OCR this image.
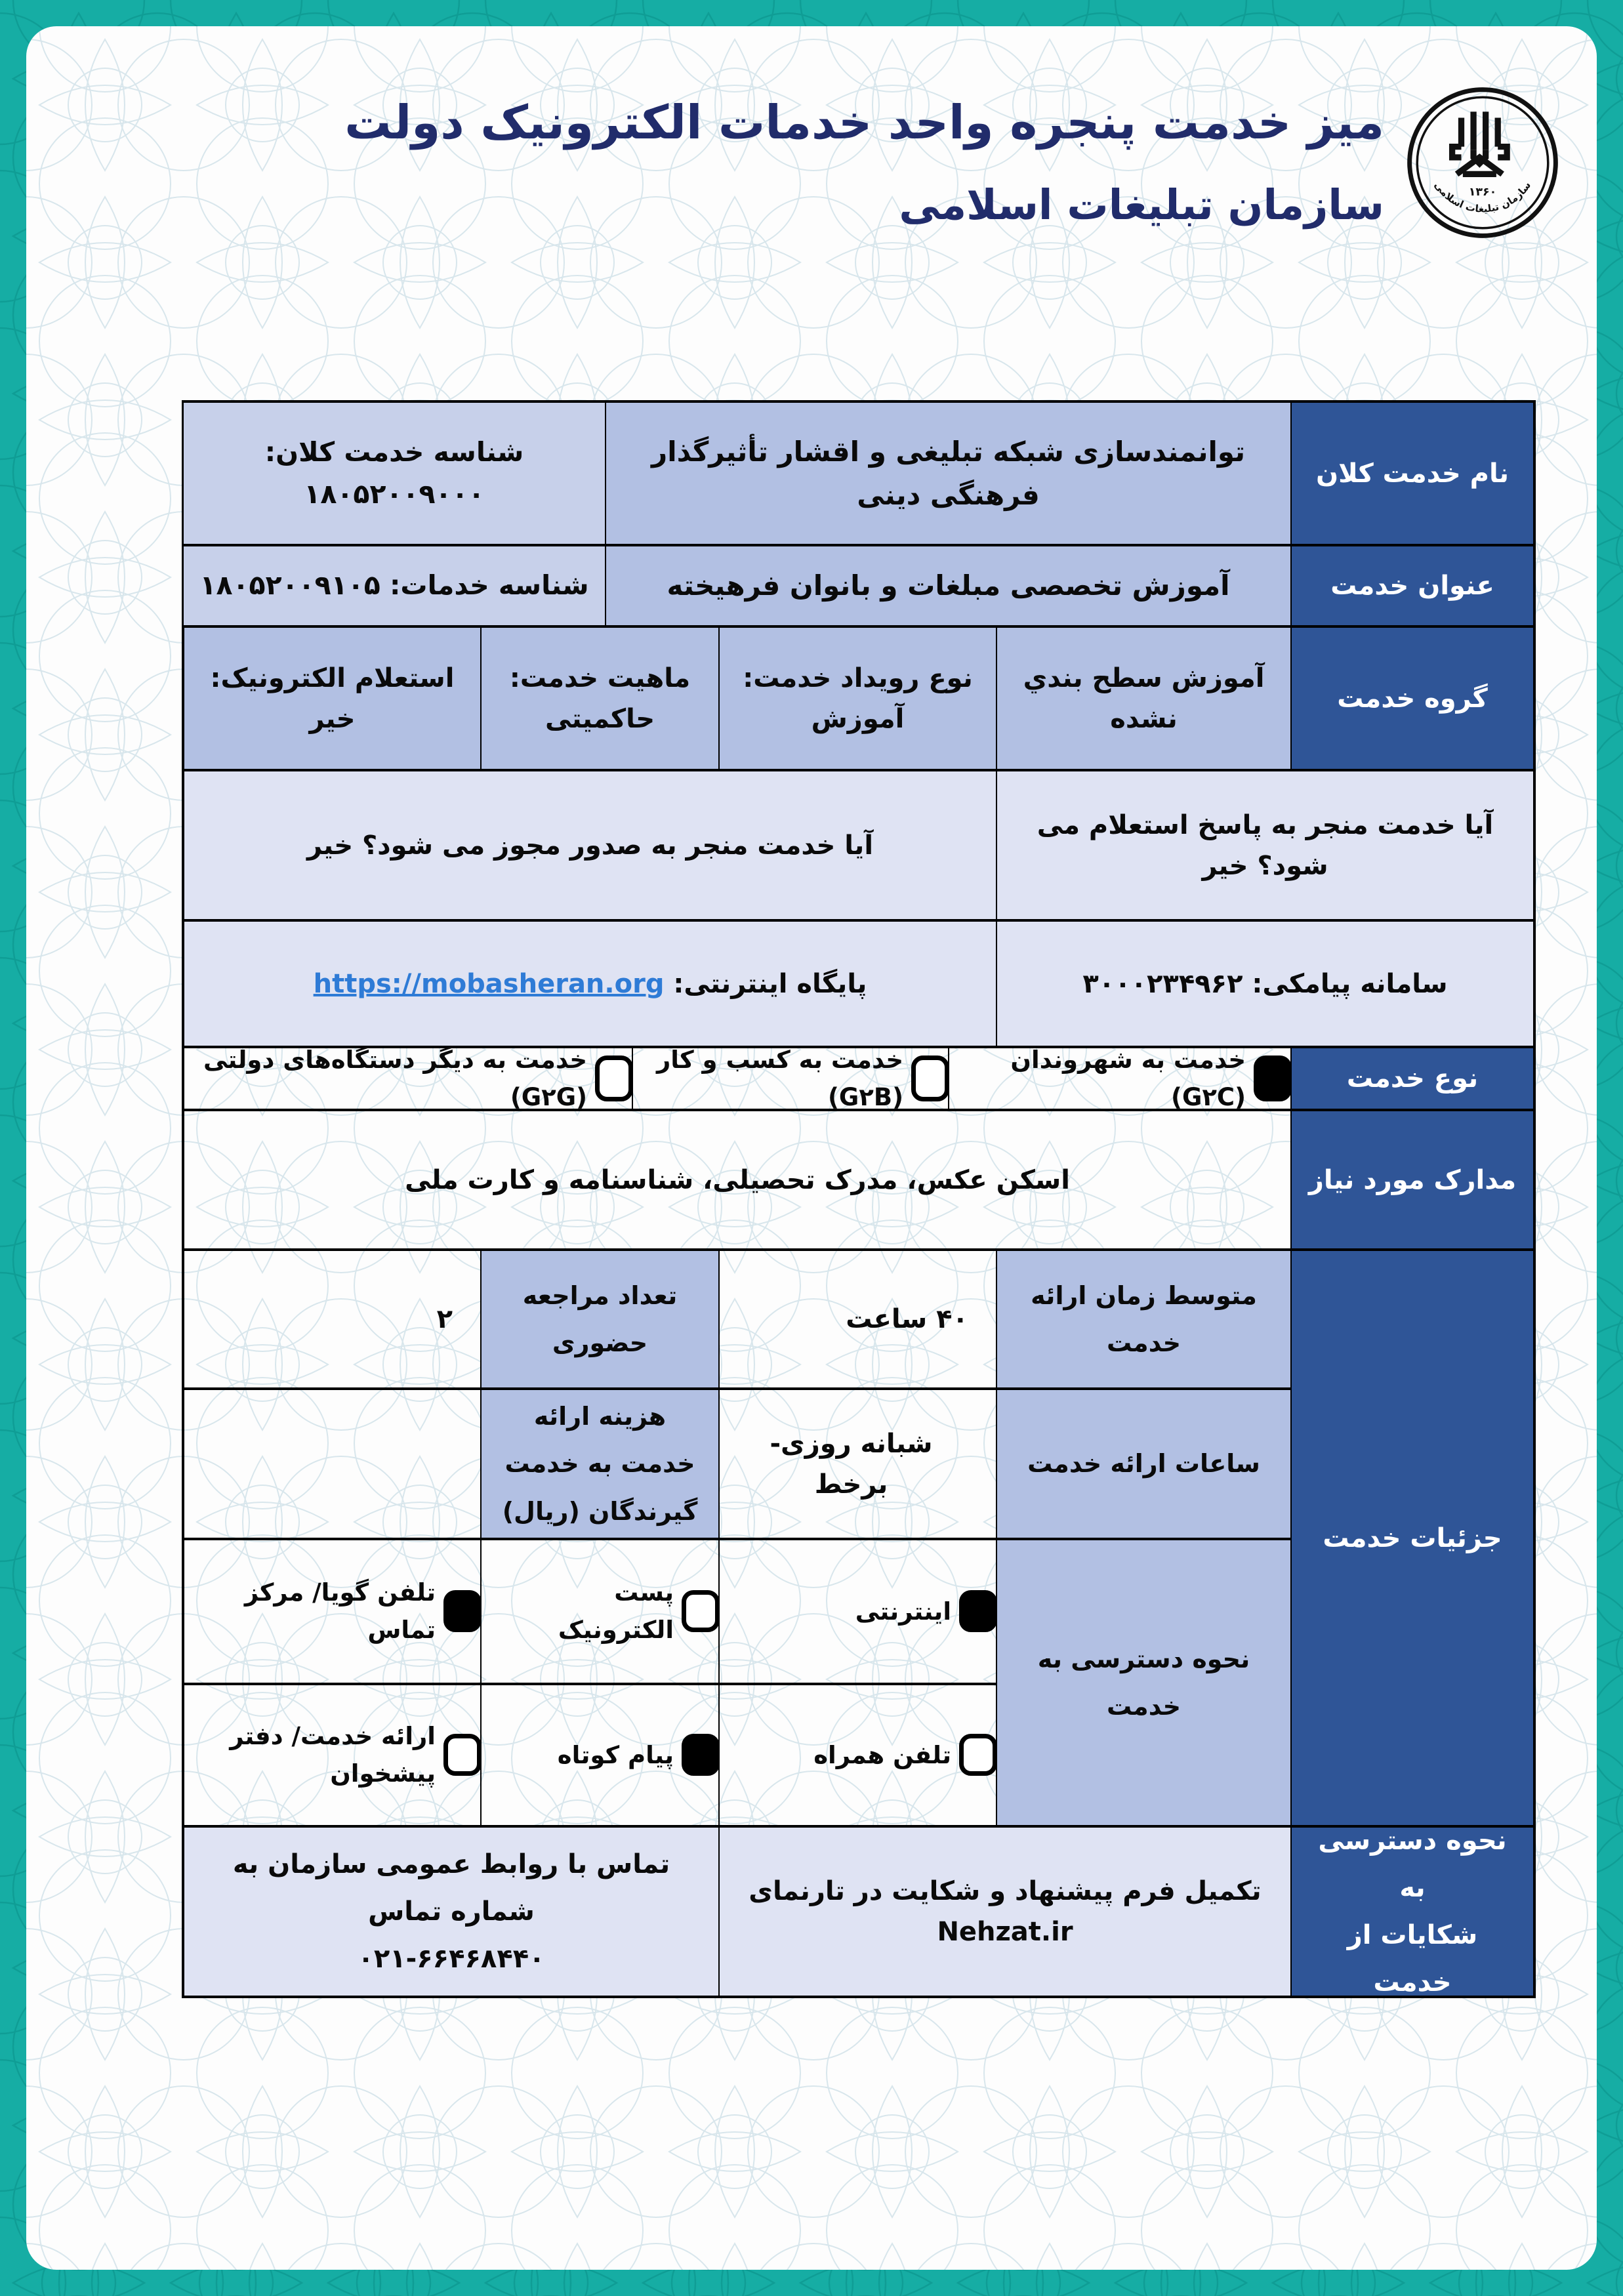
۱۳۶۰
سازمان تبلیغات اسلامی
میز خدمت پنجره واحد خدمات الکترونیک دولت
سازمان تبلیغات اسلامی
نام خدمت کلان
توانمندسازی شبکه تبلیغی و اقشار تأثیرگذار فرهنگی دینی
شناسه خدمت کلان: ۱۸۰۵۲۰۰۹۰۰۰
عنوان خدمت
آموزش تخصصی مبلغات و بانوان فرهیخته
شناسه خدمات: ۱۸۰۵۲۰۰۹۱۰۵
گروه خدمت
آموزش سطح بندي نشده
نوع رویداد خدمت: آموزش
ماهیت خدمت: حاکمیتی
استعلام الکترونیک: خیر
آیا خدمت منجر به پاسخ استعلام می شود؟ خیر
آیا خدمت منجر به صدور مجوز می شود؟ خیر
سامانه پیامکی: ۳۰۰۰۲۳۴۹۶۲
پایگاه اینترنتی:

https://mobasheran.org
نوع خدمت
خدمت به شهروندان (G۲C)
خدمت به کسب و کار (G۲B)
خدمت به دیگر دستگاه‌های دولتی (G۲G)
مدارک مورد نیاز
اسکن عکس، مدرک تحصیلی، شناسنامه و کارت ملی
جزئیات خدمت
متوسط زمان ارائه خدمت
۴۰ ساعت
تعداد مراجعه حضوری
۲
ساعات ارائه خدمت
شبانه روزی- برخط
هزینه ارائه خدمت به خدمت گیرندگان (ریال)
نحوه دسترسی به خدمت
اینترنتی
پست الکترونیک
تلفن گویا/ مرکز تماس
تلفن همراه
پیام کوتاه
ارائه خدمت/ دفتر پیشخوان
نحوه دسترسی به
شکایات از خدمت
تکمیل فرم پیشنهاد و شکایت در تارنمای Nehzat.ir
تماس با روابط عمومی سازمان به شماره تماس
۰۲۱-۶۶۴۶۸۴۴۰
